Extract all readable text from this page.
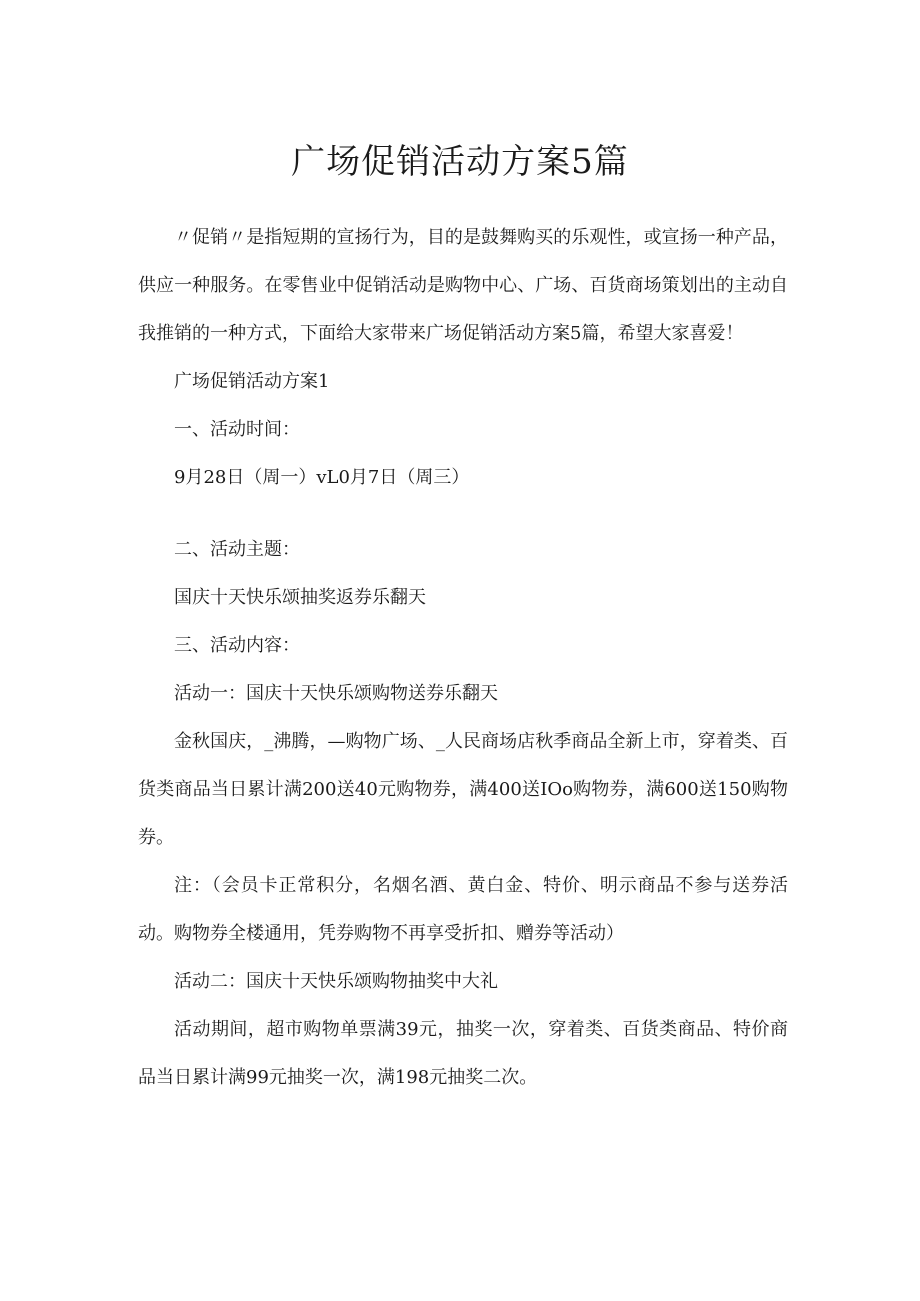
广场促销活动方案5篇

〃促销〃是指短期的宣扬行为，目的是鼓舞购买的乐观性，或宣扬一种产品，供应一种服务。在零售业中促销活动是购物中心、广场、百货商场策划出的主动自我推销的一种方式，下面给大家带来广场促销活动方案5篇，希望大家喜爱！

广场促销活动方案1

一、活动时间：

9月28日（周一）vL0月7日（周三）

二、活动主题：

国庆十天快乐颂抽奖返券乐翻天

三、活动内容：

活动一：国庆十天快乐颂购物送券乐翻天

金秋国庆，_沸腾，—购物广场、_人民商场店秋季商品全新上市，穿着类、百货类商品当日累计满200送40元购物券，满400送IOo购物券，满600送150购物券。

注：（会员卡正常积分，名烟名酒、黄白金、特价、明示商品不参与送券活动。购物券全楼通用，凭券购物不再享受折扣、赠券等活动）

活动二：国庆十天快乐颂购物抽奖中大礼

活动期间，超市购物单票满39元，抽奖一次，穿着类、百货类商品、特价商品当日累计满99元抽奖一次，满198元抽奖二次。
